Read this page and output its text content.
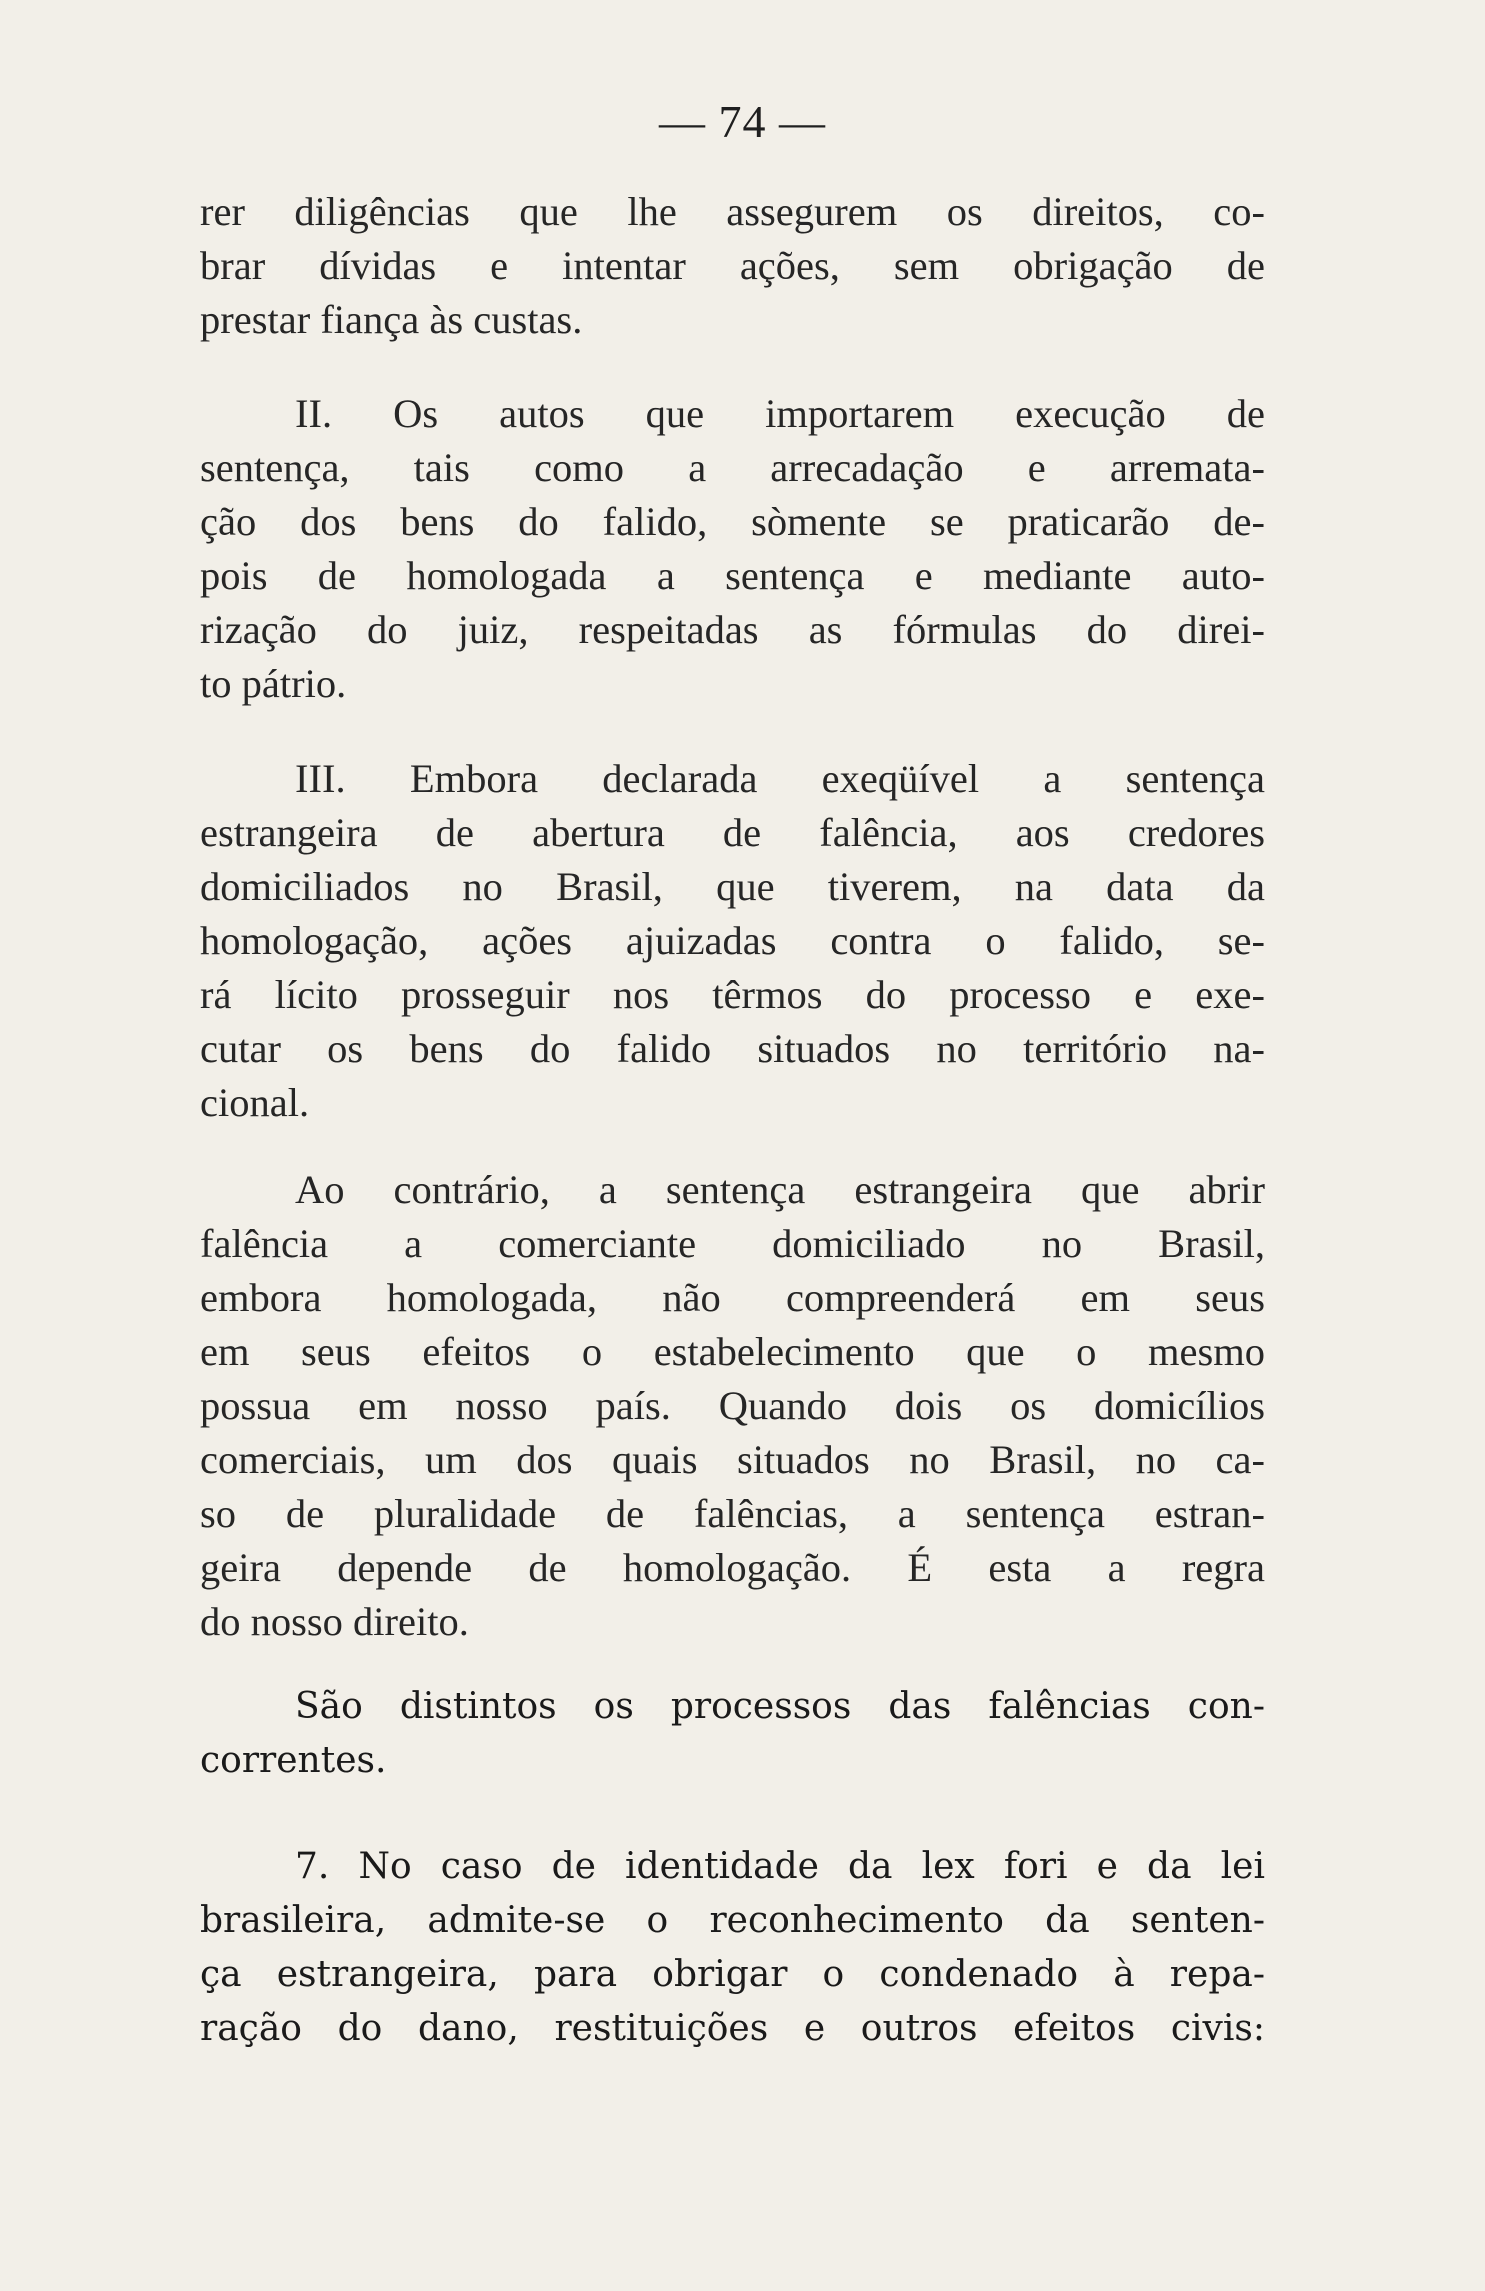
— 74 —
rer diligências que lhe assegurem os direitos, co-
brar dívidas e intentar ações, sem obrigação de
prestar fiança às custas.
II. Os autos que importarem execução de
sentença, tais como a arrecadação e arremata-
ção dos bens do falido, sòmente se praticarão de-
pois de homologada a sentença e mediante auto-
rização do juiz, respeitadas as fórmulas do direi-
to pátrio.
III. Embora declarada exeqüível a sentença
estrangeira de abertura de falência, aos credores
domiciliados no Brasil, que tiverem, na data da
homologação, ações ajuizadas contra o falido, se-
rá lícito prosseguir nos têrmos do processo e exe-
cutar os bens do falido situados no território na-
cional.
Ao contrário, a sentença estrangeira que abrir
falência a comerciante domiciliado no Brasil,
embora homologada, não compreenderá em seus
em seus efeitos o estabelecimento que o mesmo
possua em nosso país. Quando dois os domicílios
comerciais, um dos quais situados no Brasil, no ca-
so de pluralidade de falências, a sentença estran-
geira depende de homologação. É esta a regra
do nosso direito.
São distintos os processos das falências con-
correntes.
7. No caso de identidade da lex fori e da lei
brasileira, admite-se o reconhecimento da senten-
ça estrangeira, para obrigar o condenado à repa-
ração do dano, restituições e outros efeitos civis:
